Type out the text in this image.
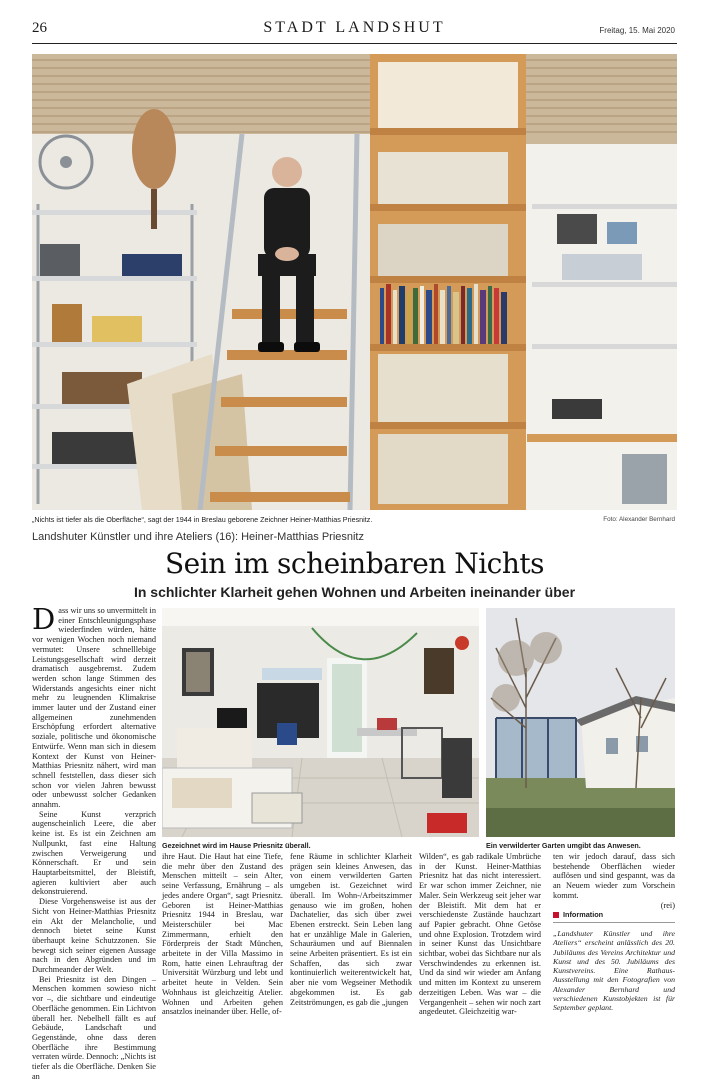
26	STADT LANDSHUT	Freitag, 15. Mai 2020
„Nichts ist tiefer als die Oberfläche“, sagt der 1944 in Breslau geborene Zeichner Heiner-Matthias Priesnitz.	Foto: Alexander Bernhard
Landshuter Künstler und ihre Ateliers (16): Heiner-Matthias Priesnitz
Sein im scheinbaren Nichts
In schlichter Klarheit gehen Wohnen und Arbeiten ineinander über

Dass wir uns so unvermittelt in einer Entschleunigungsphase wiederfinden würden, hätte vor wenigen Wochen noch niemand vermutet: Unsere schnelllebige Leistungsgesellschaft wird derzeit dramatisch ausgebremst. Zudem werden schon lange Stimmen des Widerstands angesichts einer nicht mehr zu leugnenden Klimakrise immer lauter und der Zustand einer allgemeinen zunehmenden Erschöpfung erfordert alternative soziale, politische und ökonomische Entwürfe. Wenn man sich in diesem Kontext der Kunst von Heiner-Matthias Priesnitz nähert, wird man schnell feststellen, dass dieser sich schon vor vielen Jahren bewusst oder unbewusst solcher Gedanken annahm.

Seine Kunst verzprich augenscheinlich Leere, die aber keine ist. Es ist ein Zeichnen am Nullpunkt, fast eine Haltung zwischen Verweigerung und Könnerschaft. Er und sein Hauptarbeitsmittel, der Bleistift, agieren kultiviert aber auch dekonstruierend.

Diese Vorgehensweise ist aus der Sicht von Heiner-Matthias Priesnitz ein Akt der Melancholie, und dennoch bietet seine Kunst überhaupt keine Schutzzonen. Sie bewegt sich seiner eigenen Aussage nach in den Abgründen und im Durchmeander der Welt.

Bei Priesnitz ist den Dingen – Menschen kommen sowieso nicht vor –, die sichtbare und eindeutige Oberfläche genommen. Ein Lichtvon überall her. Nebelhell fällt es auf Gebäude, Landschaft und Gegenstände, ohne dass deren Oberfläche ihre Bestimmung verraten würde. Dennoch: „Nichts ist tiefer als die Oberfläche. Denken Sie an

Gezeichnet wird im Hause Priesnitz überall.	Ein verwilderter Garten umgibt das Anwesen.

ihre Haut. Die Haut hat eine Tiefe, die mehr über den Zustand des Menschen mitteilt – sein Alter, seine Verfassung, Ernährung – als jedes andere Organ“, sagt Priesnitz. Geboren ist Heiner-Matthias Priesnitz 1944 in Breslau, war Meisterschüler bei Mac Zimmermann, erhielt den Förderpreis der Stadt München, arbeitete in der Villa Massimo in Rom, hatte einen Lehrauftrag der Universität Würzburg und lebt und arbeitet heute in Velden. Sein Wohnhaus ist gleichzeitig Atelier. Wohnen und Arbeiten gehen ansatzlos ineinander über. Helle, of-

fene Räume in schlichter Klarheit prägen sein kleines Anwesen, das von einem verwilderten Garten umgeben ist. Gezeichnet wird überall. Im Wohn-/Arbeitszimmer genauso wie im großen, hohen Dachatelier, das sich über zwei Ebenen erstreckt. Sein Leben lang hat er unzählige Male in Galerien, Schauräumen und auf Biennalen seine Arbeiten präsentiert. Es ist ein Schaffen, das sich zwar kontinuierlich weiterentwickelt hat, aber nie vom Wegseiner Methodik abgekommen ist. Es gab Zeitströmungen, es gab die „jungen

Wilden“, es gab radikale Umbrüche in der Kunst. Heiner-Matthias Priesnitz hat das nicht interessiert. Er war schon immer Zeichner, nie Maler. Sein Werkzeug seit jeher war der Bleistift. Mit dem hat er verschiedenste Zustände hauchzart auf Papier gebracht. Ohne Getöse und ohne Explosion. Trotzdem wird in seiner Kunst das Unsichtbare sichtbar, wobei das Sichtbare nur als Verschwindendes zu erkennen ist. Und da sind wir wieder am Anfang und mitten im Kontext zu unserem derzeitigen Leben. Was war – die Vergangenheit – sehen wir noch zart angedeutet. Gleichzeitig war-

ten wir jedoch darauf, dass sich bestehende Oberflächen wieder auflösen und sind gespannt, was da an Neuem wieder zum Vorschein kommt.

(rei)
Information
„Landshuter Künstler und ihre Ateliers“ erscheint anlässlich des 20. Jubiläums des Vereins Architektur und Kunst und des 50. Jubiläums des Kunstvereins. Eine Rathaus-Ausstellung mit den Fotografien von Alexander Bernhard und verschiedenen Kunstobjekten ist für September geplant.
